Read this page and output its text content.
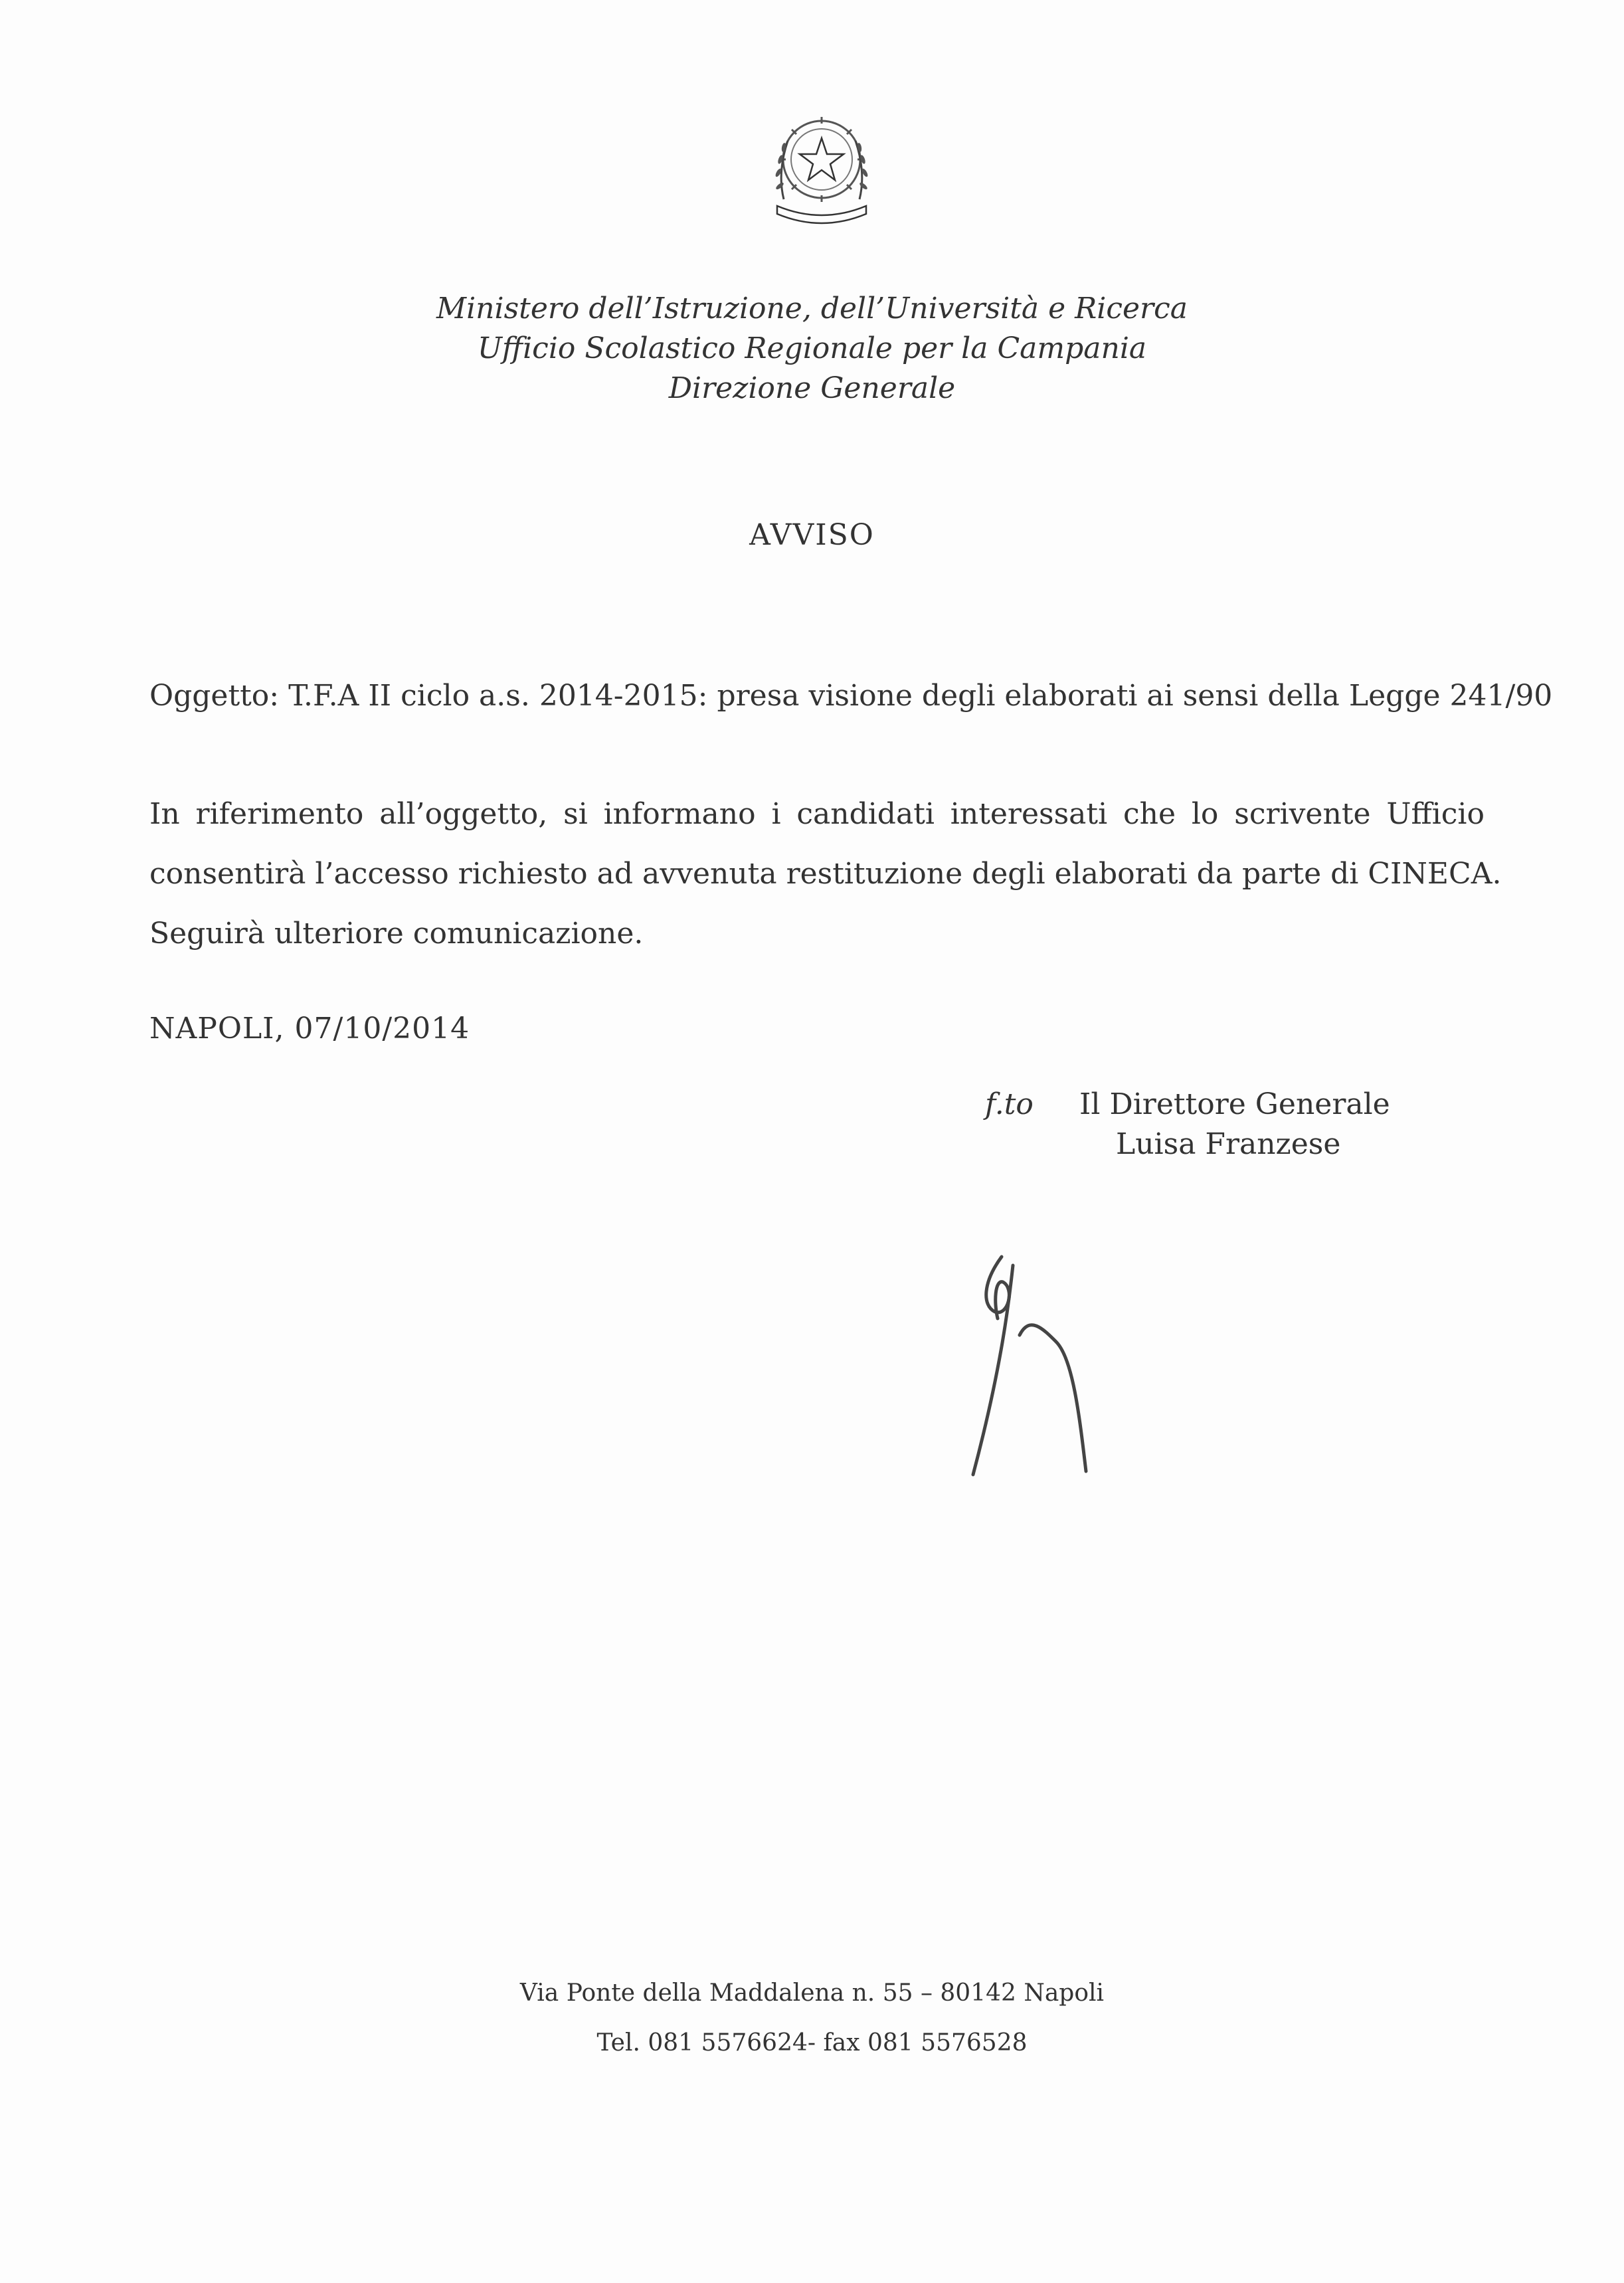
Ministero dell’Istruzione, dell’Università e Ricerca
Ufficio Scolastico Regionale per la Campania
Direzione Generale
AVVISO
Oggetto: T.F.A II ciclo a.s. 2014-2015: presa visione degli elaborati ai sensi della Legge 241/90
In riferimento all’oggetto, si informano i candidati interessati che lo scrivente Ufficio
consentirà l’accesso richiesto ad avvenuta restituzione degli elaborati da parte di CINECA.
Seguirà ulteriore comunicazione.
NAPOLI, 07/10/2014
f.to Il Direttore Generale
Luisa Franzese
Via Ponte della Maddalena n. 55 – 80142 Napoli
Tel. 081 5576624- fax 081 5576528
